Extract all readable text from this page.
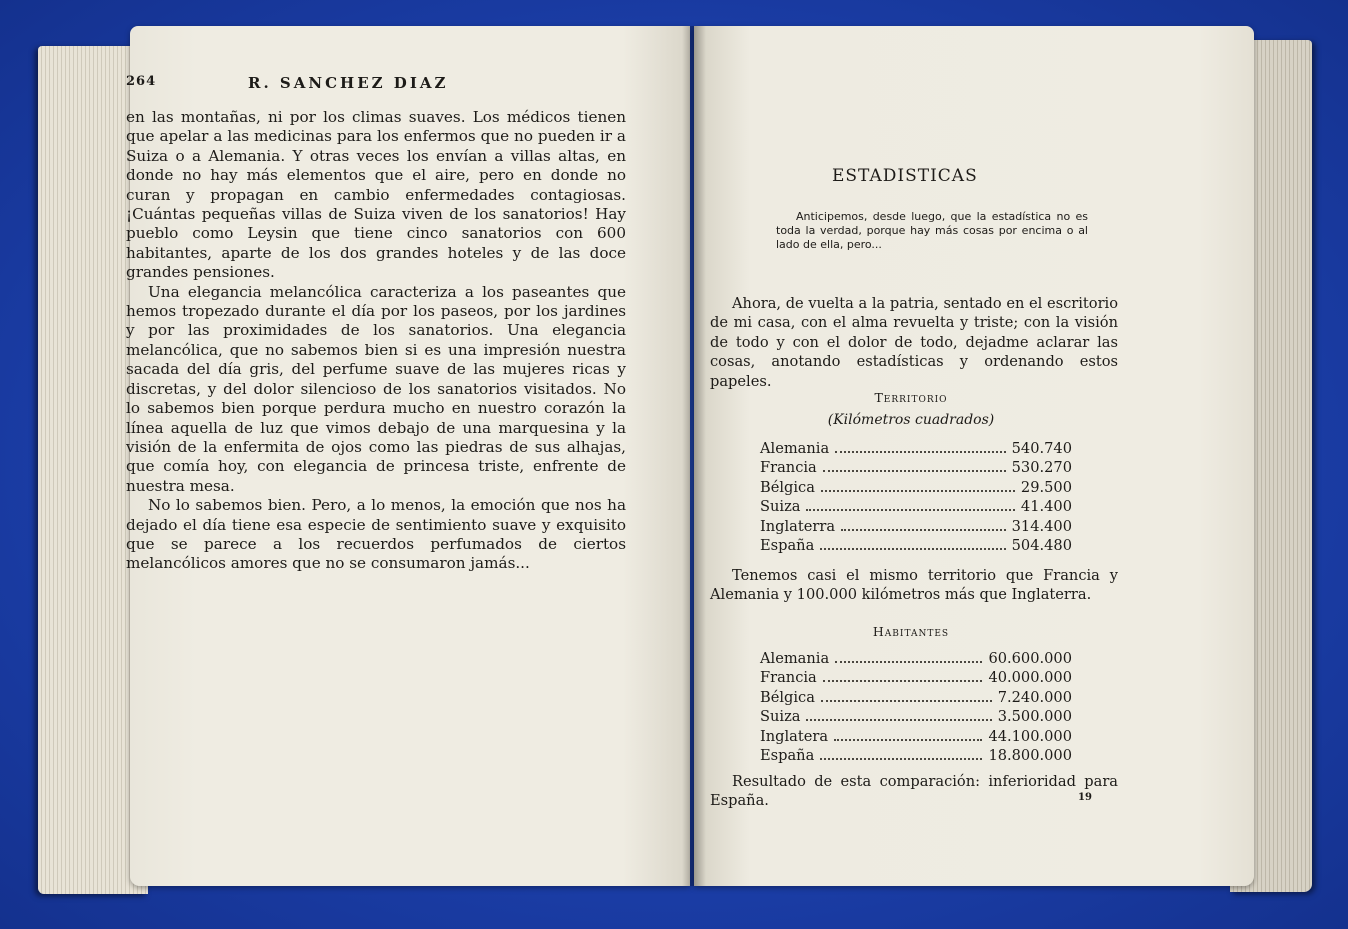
264	R. SANCHEZ DIAZ

en las montañas, ni por los climas suaves. Los médicos tienen que apelar a las medicinas para los enfermos que no pueden ir a Suiza o a Alemania. Y otras veces los envían a villas altas, en donde no hay más elementos que el aire, pero en donde no curan y propagan en cambio enfermedades contagiosas. ¡Cuántas pequeñas villas de Suiza viven de los sanatorios! Hay pueblo como Leysin que tiene cinco sanatorios con 600 habitantes, aparte de los dos grandes hoteles y de las doce grandes pensiones.

Una elegancia melancólica caracteriza a los paseantes que hemos tropezado durante el día por los paseos, por los jardines y por las proximidades de los sanatorios. Una elegancia melancólica, que no sabemos bien si es una impresión nuestra sacada del día gris, del perfume suave de las mujeres ricas y discretas, y del dolor silencioso de los sanatorios visitados. No lo sabemos bien porque perdura mucho en nuestro corazón la línea aquella de luz que vimos debajo de una marquesina y la visión de la enfermita de ojos como las piedras de sus alhajas, que comía hoy, con elegancia de princesa triste, enfrente de nuestra mesa.

No lo sabemos bien. Pero, a lo menos, la emoción que nos ha dejado el día tiene esa especie de sentimiento suave y exquisito que se parece a los recuerdos perfumados de ciertos melancólicos amores que no se consumaron jamás...

ESTADISTICAS

Anticipemos, desde luego, que la estadística no es toda la verdad, porque hay más cosas por encima o al lado de ella, pero...

Ahora, de vuelta a la patria, sentado en el escritorio de mi casa, con el alma revuelta y triste; con la visión de todo y con el dolor de todo, dejadme aclarar las cosas, anotando estadísticas y ordenando estos papeles.

Territorio
(Kilómetros cuadrados)
Alemania	540.740
Francia	530.270
Bélgica	29.500
Suiza	41.400
Inglaterra	314.400
España	504.480

Tenemos casi el mismo territorio que Francia y Alemania y 100.000 kilómetros más que Inglaterra.

Habitantes
Alemania	60.600.000
Francia	40.000.000
Bélgica	7.240.000
Suiza	3.500.000
Inglatera	44.100.000
España	18.800.000

Resultado de esta comparación: inferioridad para España.	19
